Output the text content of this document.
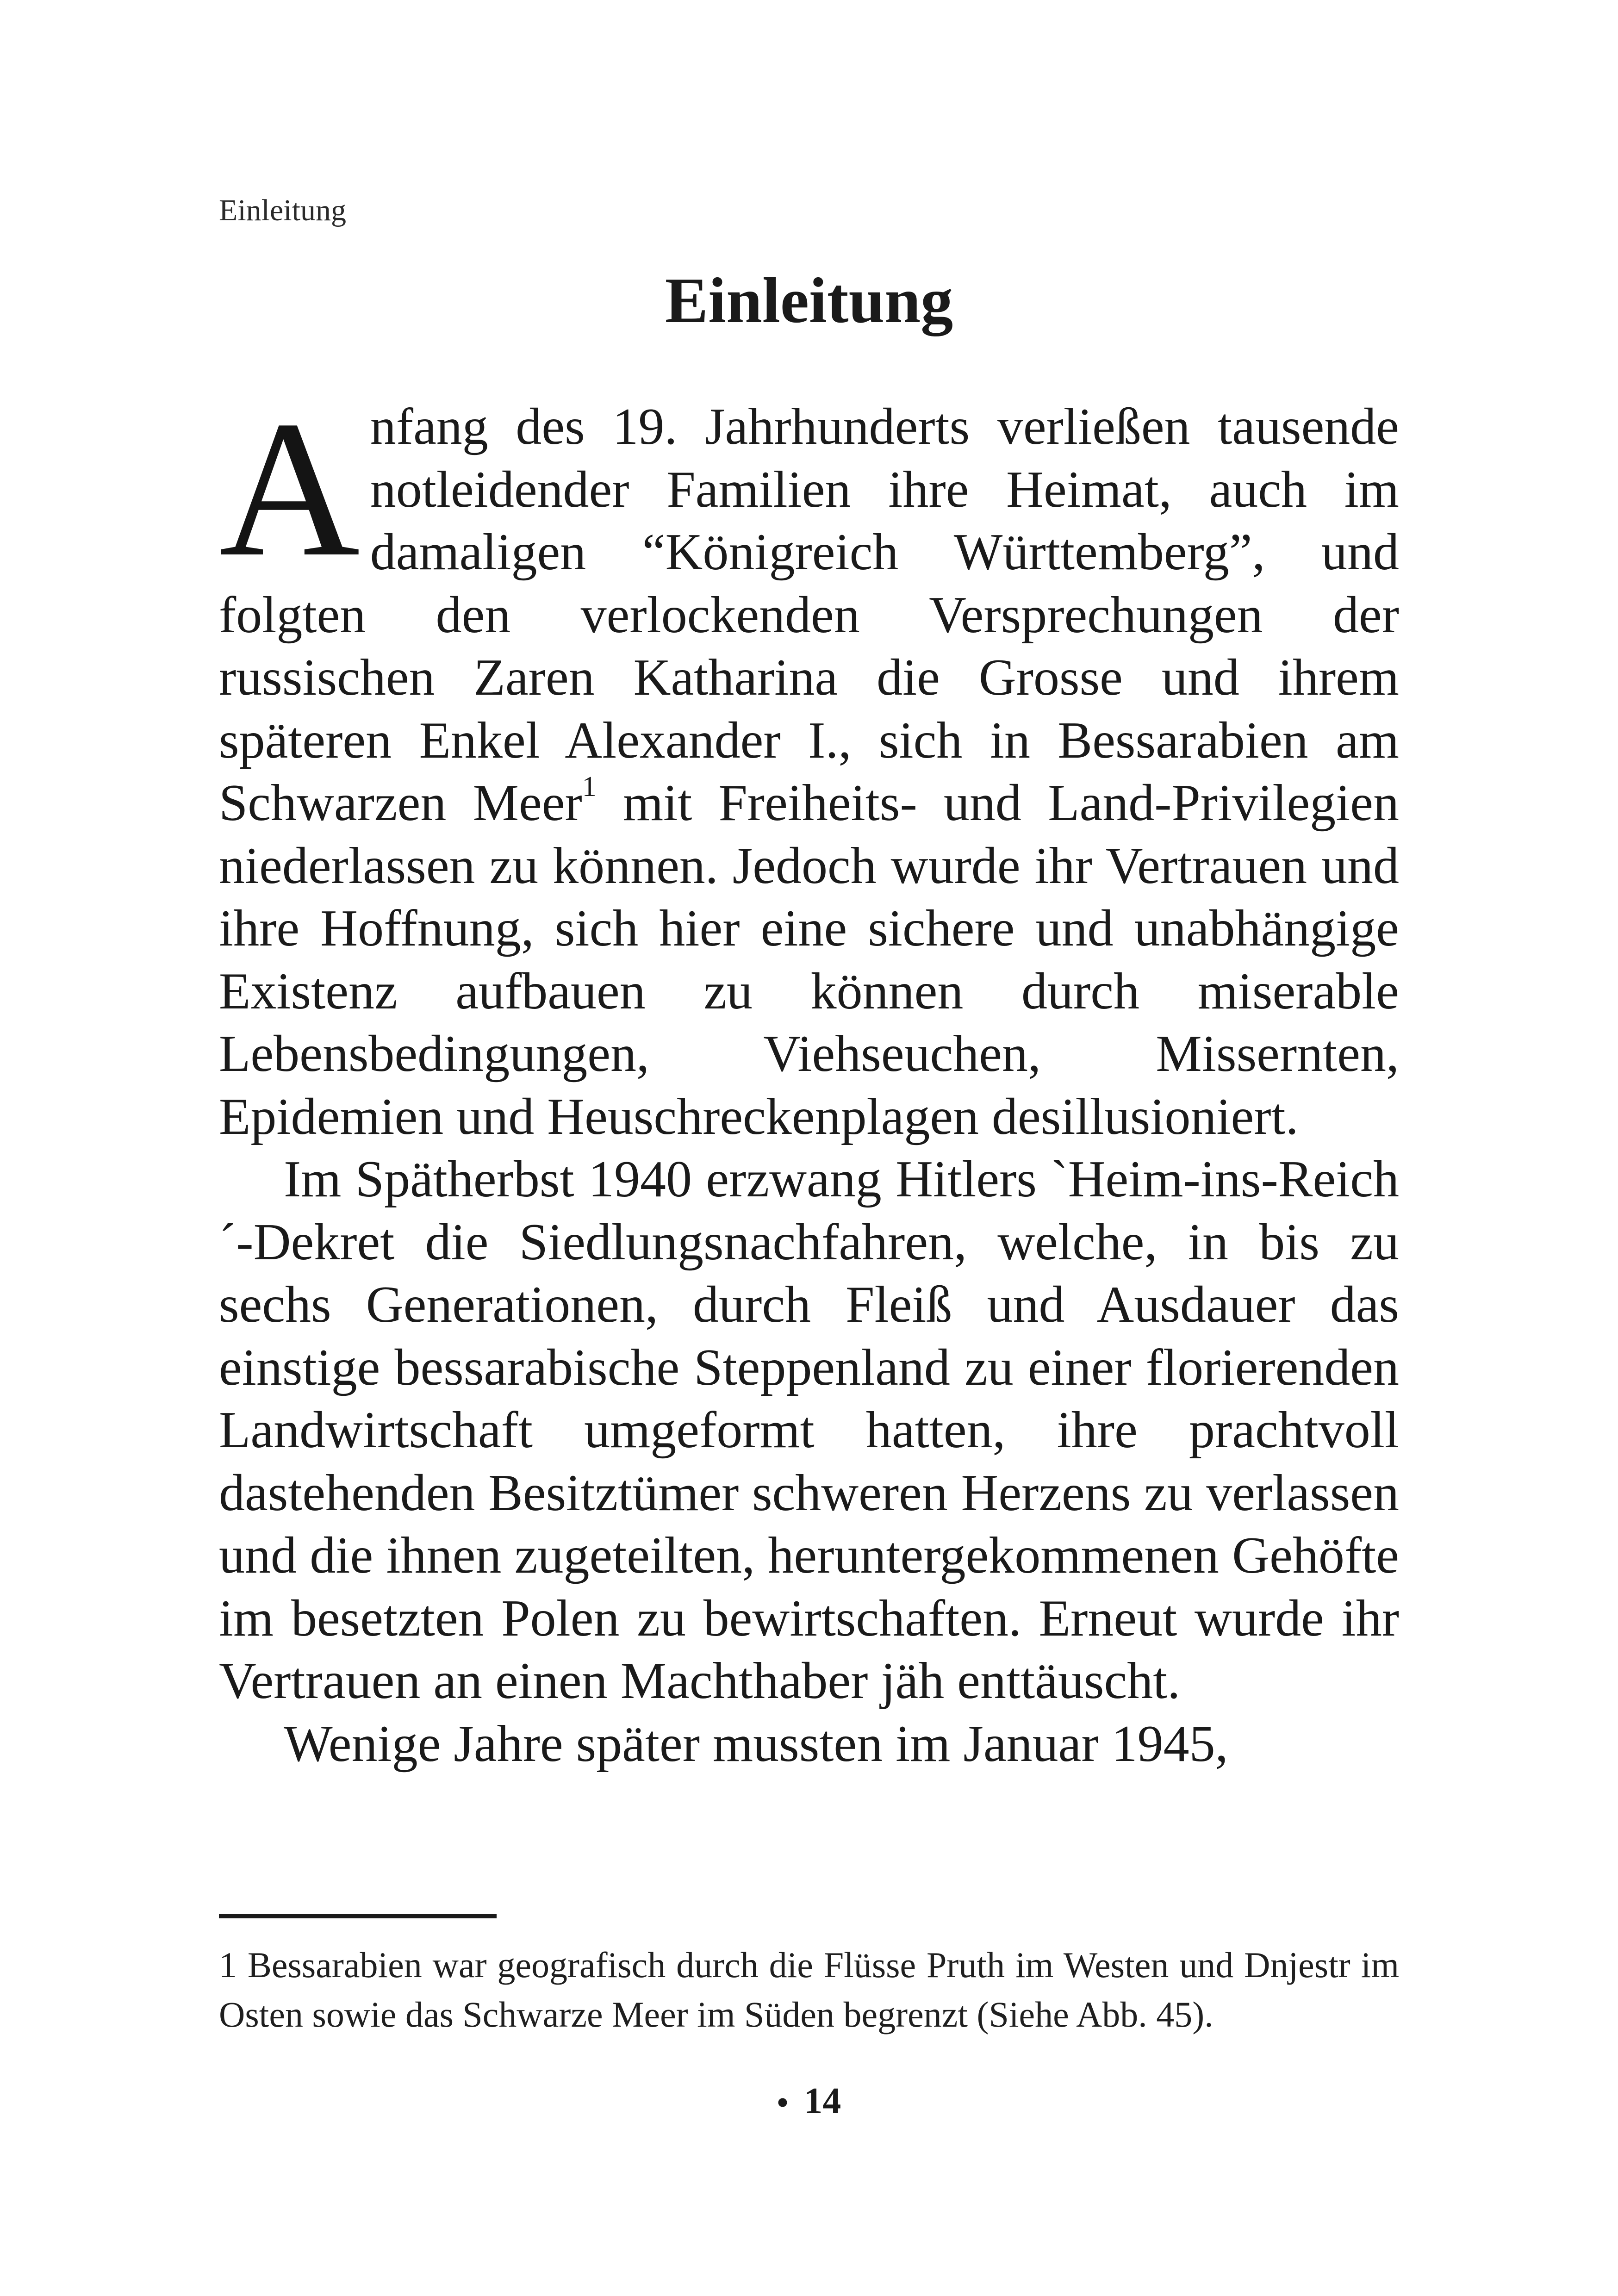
Einleitung
Einleitung

Anfang des 19. Jahrhunderts verließen tausende notleidender Familien ihre Heimat, auch im damaligen “Königreich Württemberg”, und folgten den verlockenden Versprechungen der russischen Zaren Katharina die Grosse und ihrem späteren Enkel Alexander I., sich in Bessarabien am Schwarzen Meer$^1$ mit Freiheits- und Land-Privilegien niederlassen zu können. Jedoch wurde ihr Vertrauen und ihre Hoffnung, sich hier eine sichere und unabhängige Existenz aufbauen zu können durch miserable Lebensbedingungen, Viehseuchen, Missernten, Epidemien und Heuschreckenplagen desillusioniert.

Im Spätherbst 1940 erzwang Hitlers `Heim-ins-Reich´-Dekret die Siedlungsnachfahren, welche, in bis zu sechs Generationen, durch Fleiß und Ausdauer das einstige bessarabische Steppenland zu einer florierenden Landwirtschaft umgeformt hatten, ihre prachtvoll dastehenden Besitztümer schweren Herzens zu verlassen und die ihnen zugeteilten, heruntergekommenen Gehöfte im besetzten Polen zu bewirtschaften. Erneut wurde ihr Vertrauen an einen Machthaber jäh enttäuscht.

Wenige Jahre später mussten im Januar 1945,

1 Bessarabien war geografisch durch die Flüsse Pruth im Westen und Dnjestr im Osten sowie das Schwarze Meer im Süden begrenzt (Siehe Abb. 45).

• 14
